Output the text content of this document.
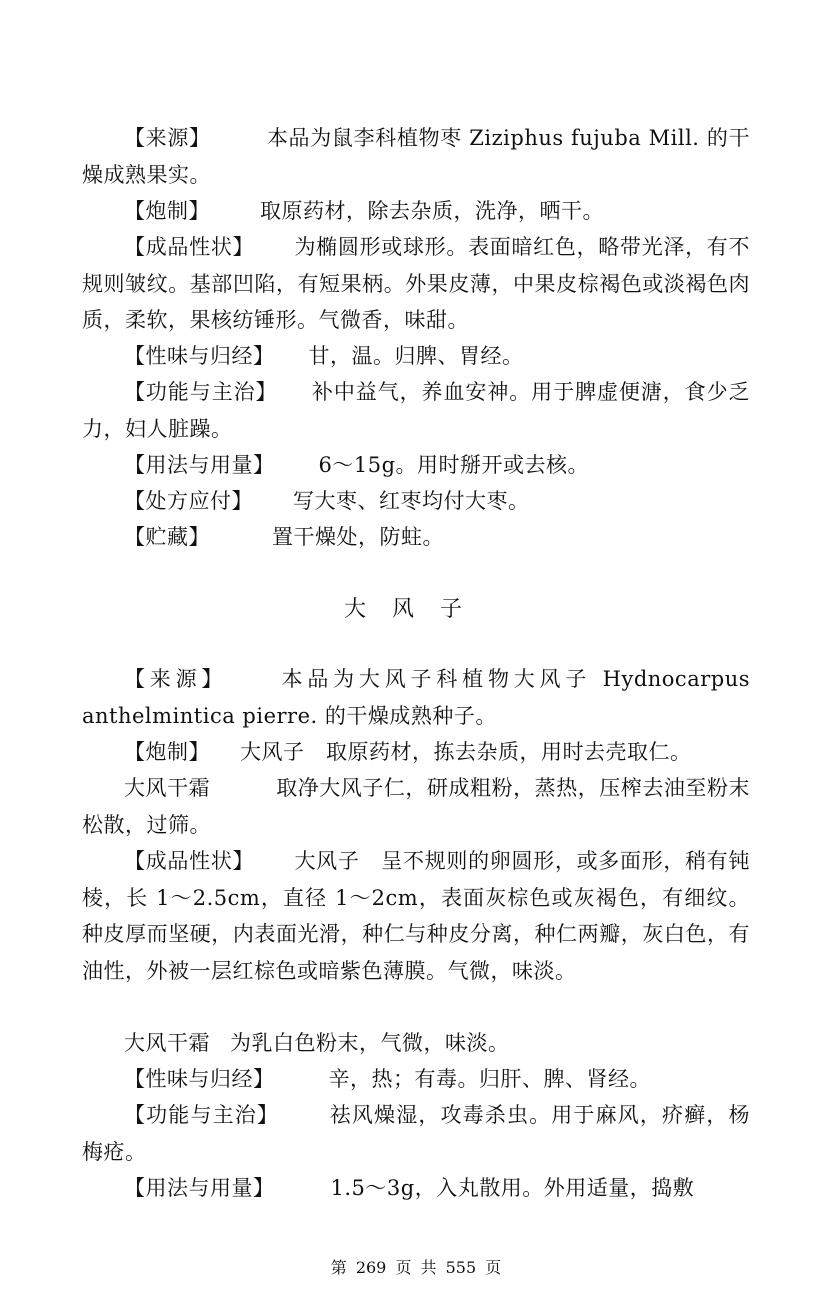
【来源】	本品为鼠李科植物枣 Ziziphus fujuba Mill. 的干燥成熟果实。
【炮制】 取原药材，除去杂质，洗净，晒干。
【成品性状】 为椭圆形或球形。表面暗红色，略带光泽，有不规则皱纹。基部凹陷，有短果柄。外果皮薄，中果皮棕褐色或淡褐色肉质，柔软，果核纺锤形。气微香，味甜。
【性味与归经】 甘，温。归脾、胃经。
【功能与主治】 补中益气，养血安神。用于脾虚便溏，食少乏力，妇人脏躁。
【用法与用量】 6～15g。用时掰开或去核。
【处方应付】 写大枣、红枣均付大枣。
【贮藏】	置干燥处，防蛀。
大风子
【来源】 本品为大风子科植物大风子 Hydnocarpus anthelmintica pierre. 的干燥成熟种子。
【炮制】 大风子　取原药材，拣去杂质，用时去壳取仁。
大风干霜	取净大风子仁，研成粗粉，蒸热，压榨去油至粉末松散，过筛。
【成品性状】 大风子　呈不规则的卵圆形，或多面形，稍有钝棱，长 1～2.5cm，直径 1～2cm，表面灰棕色或灰褐色，有细纹。种皮厚而坚硬，内表面光滑，种仁与种皮分离，种仁两瓣，灰白色，有油性，外被一层红棕色或暗紫色薄膜。气微，味淡。
大风干霜 为乳白色粉末，气微，味淡。
【性味与归经】	辛，热；有毒。归肝、脾、肾经。
【功能与主治】 祛风燥湿，攻毒杀虫。用于麻风，疥癣，杨梅疮。
【用法与用量】	1.5～3g，入丸散用。外用适量，捣敷
第 269 页 共 555 页
